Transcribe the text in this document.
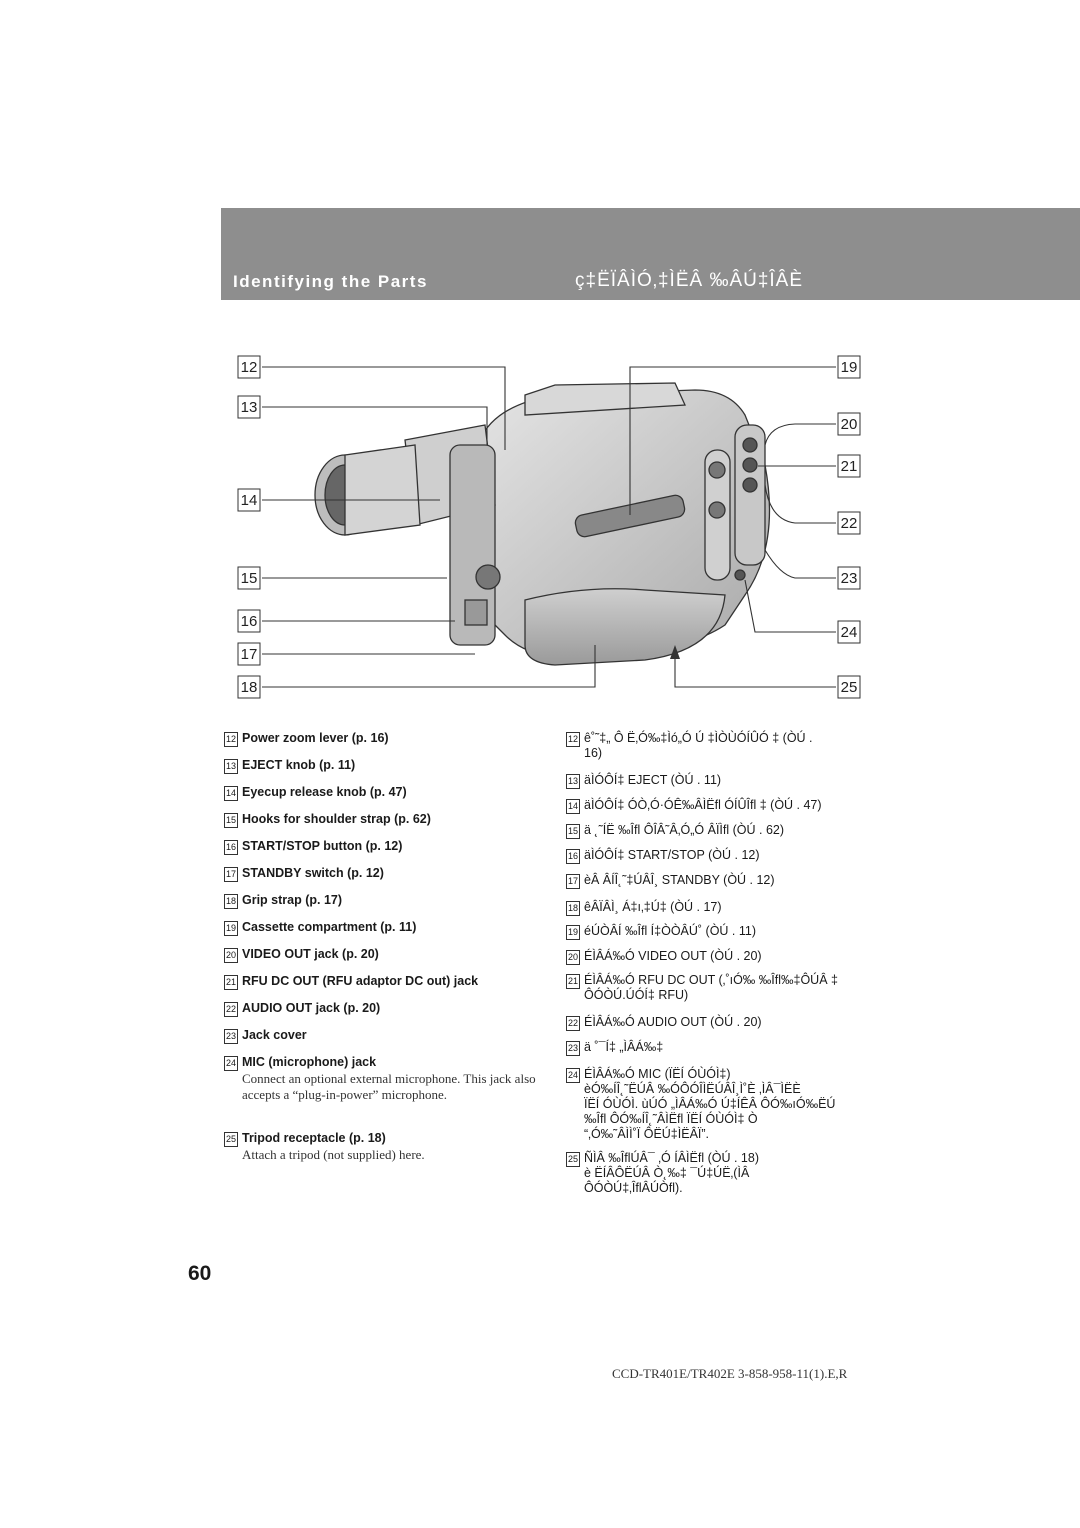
Identifying the Parts	ç‡ËÏÂÌÓ‚‡ÌËÂ ‰ÂÚ‡ÎÂÈ
12
13
14
15
16
17
18
19
20
21
22
23
24
25
12 Power zoom lever (p. 16)
13 EJECT knob (p. 11)
14 Eyecup release knob (p. 47)
15 Hooks for shoulder strap (p. 62)
16 START/STOP button (p. 12)
17 STANDBY switch (p. 12)
18 Grip strap (p. 17)
19 Cassette compartment (p. 11)
20 VIDEO OUT jack (p. 20)
21 RFU DC OUT (RFU adaptor DC out) jack
22 AUDIO OUT jack (p. 20)
23 Jack cover
24 MIC (microphone) jack
Connect an optional external microphone. This jack also accepts a “plug-in-power” microphone.
25 Tripod receptacle (p. 18)
Attach a tripod (not supplied) here.
12 ê˚˜‡„ Ô Ë‚Ó‰‡Ìó„Ó Ú ‡ÌÒÙÓÍÛÓ ‡ (ÒÚ .
16)
13 äÌÓÔÍ‡ EJECT (ÒÚ . 11)
14 äÌÓÔÍ‡ ÓÒ‚Ó·ÓÊ‰ÂÌËﬂ ÓÍÛÎﬂ ‡ (ÒÚ . 47)
15 ä ˛˜ÍË ‰Îﬂ ÔÎÂ˜Â‚Ó„Ó ÂÏÌﬂ (ÒÚ . 62)
16 äÌÓÔÍ‡ START/STOP (ÒÚ . 12)
17 èÂ ÂÍÎ˛˜‡ÚÂÎ¸ STANDBY (ÒÚ . 12)
18 êÂÏÂÌ¸ Á‡ı‚‡Ú‡ (ÒÚ . 17)
19 éÚÒÂÍ ‰Îﬂ Í‡ÒÒÂÚ˚ (ÒÚ . 11)
20 ÉÌÂÁ‰Ó VIDEO OUT (ÒÚ . 20)
21 ÉÌÂÁ‰Ó RFU DC OUT (‚˚ıÓ‰ ‰Îﬂ‰‡ÔÚÂ ‡
ÔÓÒÚ.ÚÓÍ‡ RFU)
22 ÉÌÂÁ‰Ó AUDIO OUT (ÒÚ . 20)
23 ä ˚¯Í‡ „ÌÂÁ‰‡
24 ÉÌÂÁ‰Ó MIC (ÏËÍ ÓÙÓÌ‡)
èÓ‰ÍÎ˛˜ËÚÂ ‰ÓÔÓÎÌËÚÂÎ¸Ì˚È ‚ÌÂ¯ÌËÈ
ÏËÍ ÓÙÓÌ. ùÚÓ „ÌÂÁ‰Ó Ú‡ÍÊÂ ÔÓ‰ıÓ‰ËÚ
‰Îﬂ ÔÓ‰ÍÎ˛˜ÂÌËﬂ ÏËÍ ÓÙÓÌ‡ Ò
“‚Ó‰˜ÂÌÌ˚Ï ÔËÚ‡ÌËÂÏ”.
25 ÑÌÂ ‰ÎﬂÚÂ¯ ‚Ó ÍÂÌËﬂ (ÒÚ . 18)
è ËÍÂÔËÚÂ Ò˛‰‡ ¯Ú‡ÚË‚(ÌÂ
ÔÓÒÚ‡‚ÎﬂÂÚÒﬂ).
60
CCD-TR401E/TR402E 3-858-958-11(1).E,R
